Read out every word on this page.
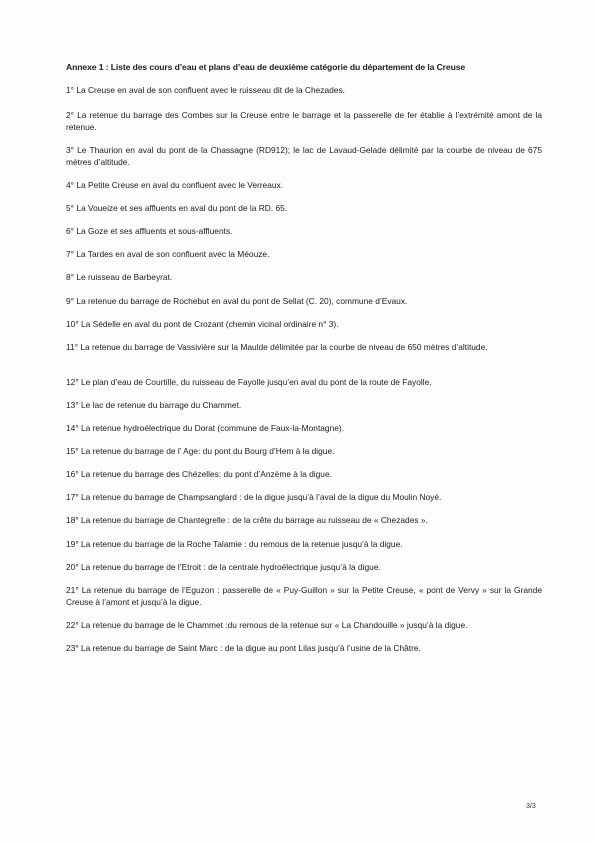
Annexe 1 : Liste des cours d’eau et plans d’eau de deuxième catégorie du département de la Creuse
1° La Creuse en aval de son confluent avec le ruisseau dit de la Chezades.
2° La retenue du barrage des Combes sur la Creuse entre le barrage et la passerelle de fer établie à l’extrémité amont de la retenue.
3° Le Thaurion en aval du pont de la Chassagne (RD912); le lac de Lavaud-Gelade délimité par la courbe de niveau de 675 mètres d’altitude.
4° La Petite Creuse en aval du confluent avec le Verreaux.
5° La Voueize et ses affluents en aval du pont de la RD. 65.
6° La Goze et ses affluents et sous-affluents.
7° La Tardes en aval de son confluent avec la Méouze.
8° Le ruisseau de Barbeyrat.
9° La retenue du barrage de Rochebut en aval du pont de Sellat (C. 20), commune d’Evaux.
10° La Sédelle en aval du pont de Crozant (chemin vicinal ordinaire n° 3).
11° La retenue du barrage de Vassivière sur la Maulde délimitée par la courbe de niveau de 650 mètres d’altitude.
12° Le plan d’eau de Courtille, du ruisseau de Fayolle jusqu’en aval du pont de la route de Fayolle.
13° Le lac de retenue du barrage du Chammet.
14° La retenue hydroélectrique du Dorat (commune de Faux-la-Montagne).
15° La retenue du barrage de l’ Age: du pont du Bourg d’Hem à la digue.
16° La retenue du barrage des Chézelles: du pont d’Anzème à la digue.
17° La retenue du barrage de Champsanglard : de la digue jusqu’à l’aval de la digue du Moulin Noyé.
18° La retenue du barrage de Chantegrelle : de la crête du barrage au ruisseau de « Chezades ».
19° La retenue du barrage de la Roche Talamie : du remous de la retenue jusqu’à la digue.
20° La retenue du barrage de l’Etroit : de la centrale hydroélectrique jusqu’à la digue.
21° La retenue du barrage de l’Eguzon : passerelle de « Puy-Guillon » sur la Petite Creuse, « pont de Vervy » sur la Grande Creuse à l’amont et jusqu’à la digue.
22° La retenue du barrage de le Chammet :du remous de la retenue sur « La Chandouille » jusqu’à la digue.
23° La retenue du barrage de Saint Marc : de la digue au pont Lilas jusqu’à l’usine de la Châtre.
3/3
